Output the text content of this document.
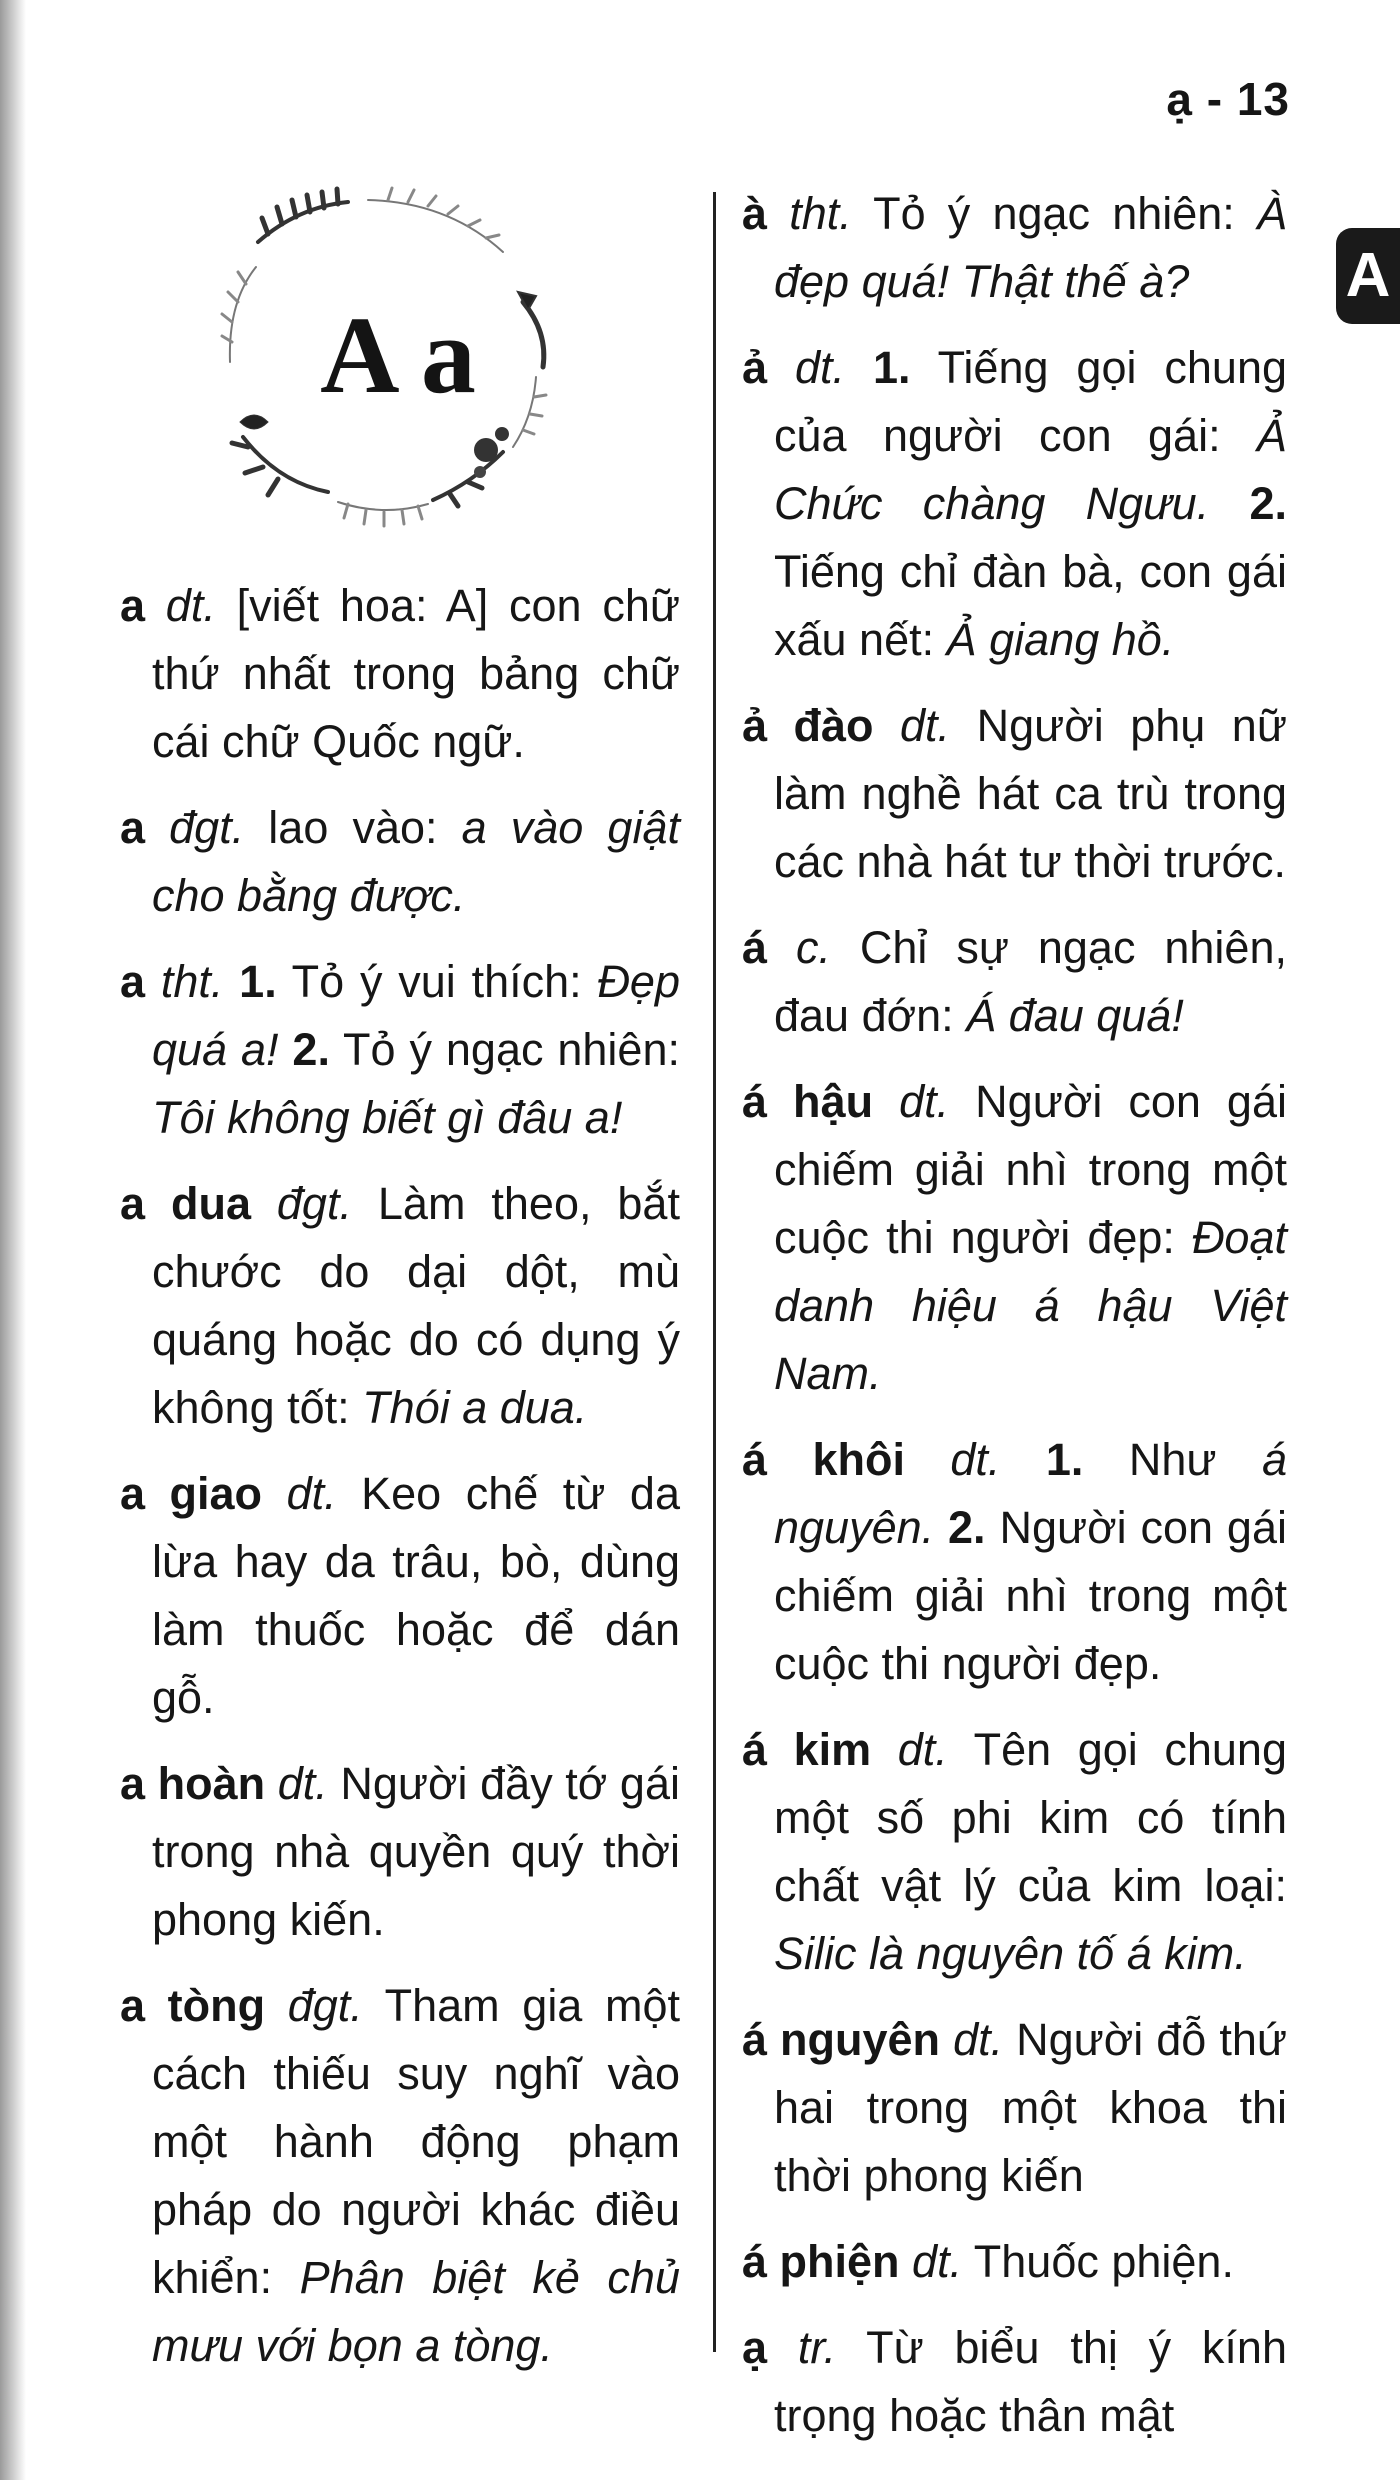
ạ - 13
A
A a

a dt. [viết hoa: A] con chữ thứ nhất trong bảng chữ cái chữ Quốc ngữ.

a đgt. lao vào: a vào giật cho bằng được.

a tht. 1. Tỏ ý vui thích: Đẹp quá a! 2. Tỏ ý ngạc nhiên: Tôi không biết gì đâu a!

a dua đgt. Làm theo, bắt chước do dại dột, mù quáng hoặc do có dụng ý không tốt: Thói a dua.

a giao dt. Keo chế từ da lừa hay da trâu, bò, dùng làm thuốc hoặc để dán gỗ.

a hoàn dt. Người đầy tớ gái trong nhà quyền quý thời phong kiến.

a tòng đgt. Tham gia một cách thiếu suy nghĩ vào một hành động phạm pháp do người khác điều khiển: Phân biệt kẻ chủ mưu với bọn a tòng.

à tht. Tỏ ý ngạc nhiên: À đẹp quá! Thật thế à?

ả dt. 1. Tiếng gọi chung của người con gái: Ả Chức chàng Ngưu. 2. Tiếng chỉ đàn bà, con gái xấu nết: Ả giang hồ.

ả đào dt. Người phụ nữ làm nghề hát ca trù trong các nhà hát tư thời trước.

á c. Chỉ sự ngạc nhiên, đau đớn: Á đau quá!

á hậu dt. Người con gái chiếm giải nhì trong một cuộc thi người đẹp: Đoạt danh hiệu á hậu Việt Nam.

á khôi dt. 1. Như á nguyên. 2. Người con gái chiếm giải nhì trong một cuộc thi người đẹp.

á kim dt. Tên gọi chung một số phi kim có tính chất vật lý của kim loại: Silic là nguyên tố á kim.

á nguyên dt. Người đỗ thứ hai trong một khoa thi thời phong kiến

á phiện dt. Thuốc phiện.

ạ tr. Từ biểu thị ý kính trọng hoặc thân mật
